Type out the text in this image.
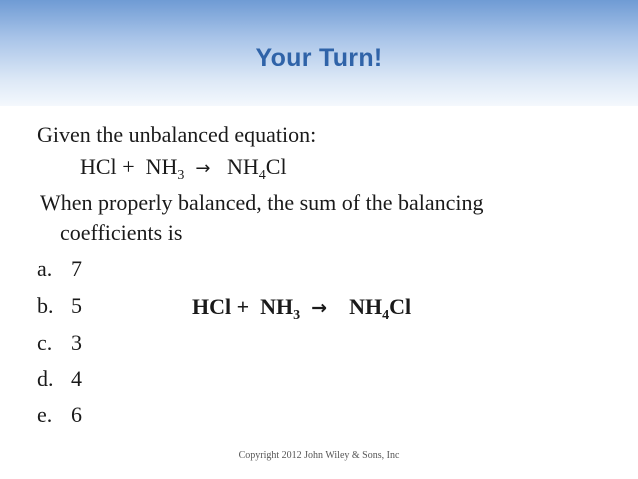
Your Turn!
Given the unbalanced equation:
HCl + $NH_3 \to NH_4Cl$
When properly balanced, the sum of the balancing
coefficients is
a. 7
b. 5
c. 3
d. 4
e. 6
HCl + $NH_3 \to NH_4Cl$
Copyright 2012 John Wiley & Sons, Inc
